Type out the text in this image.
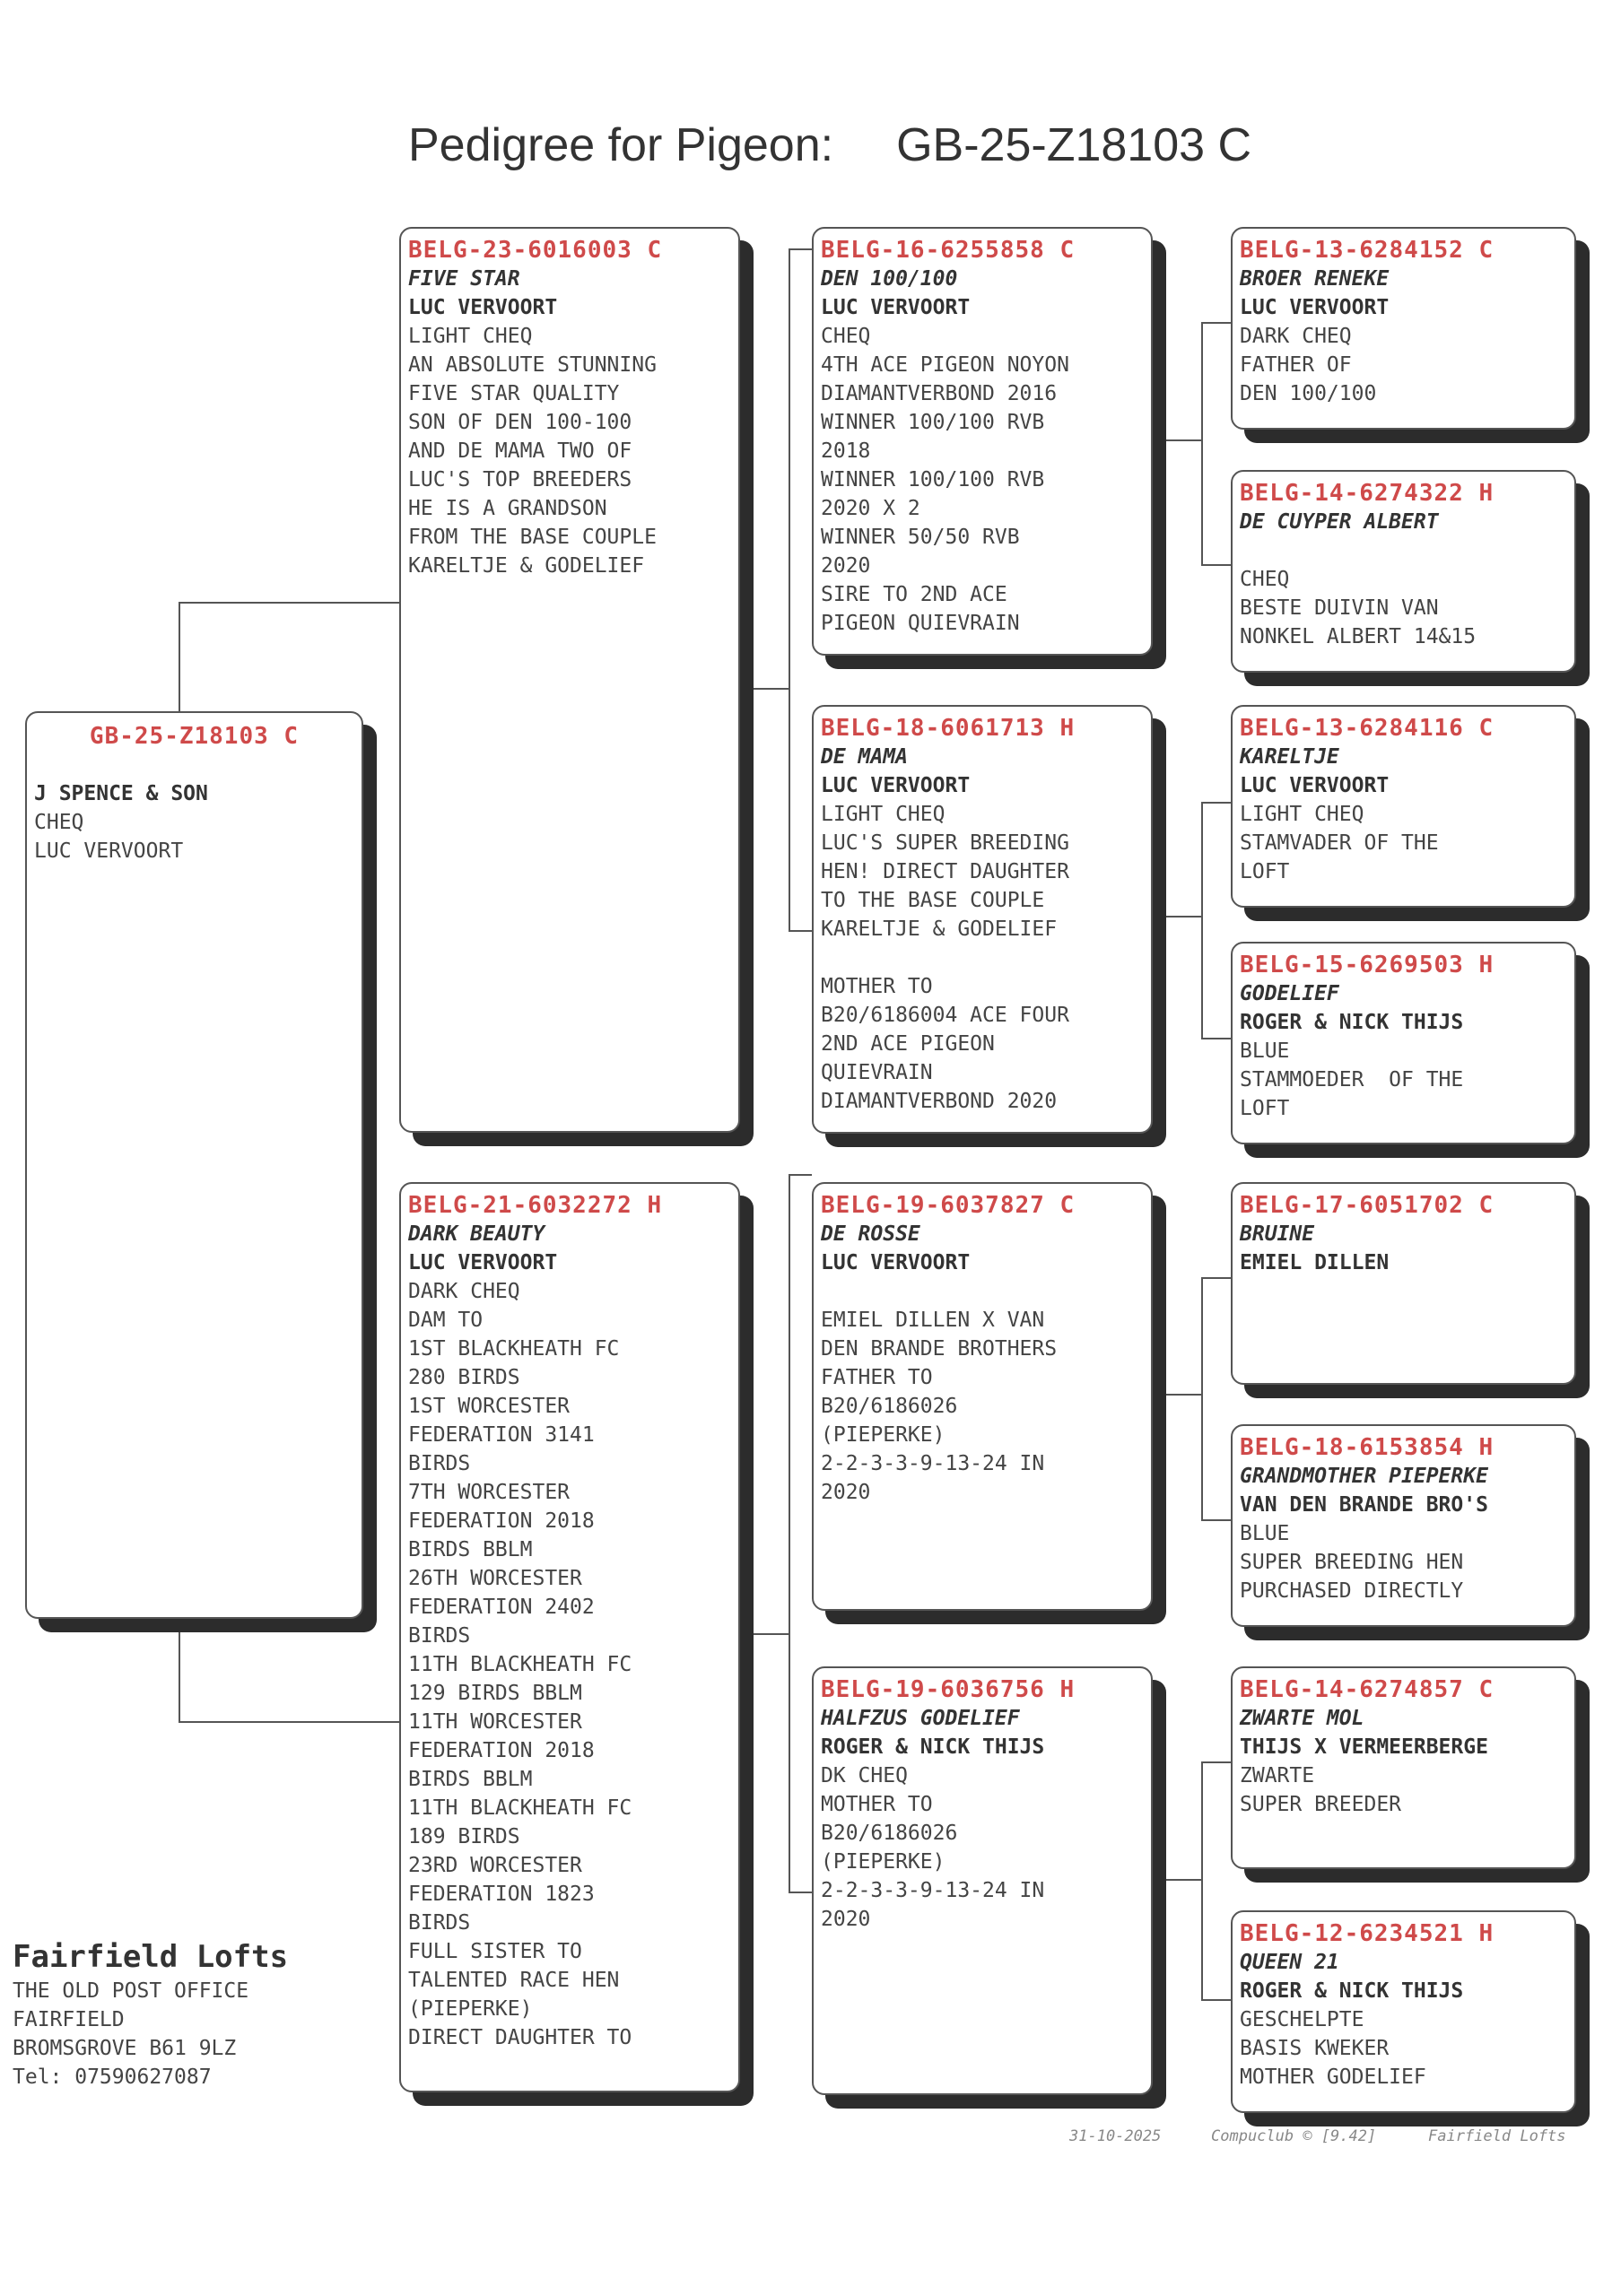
Pedigree for Pigeon: GB-25-Z18103 C
GB-25-Z18103 C
J SPENCE & SON
CHEQ
LUC VERVOORT
BELG-23-6016003 C
FIVE STAR
LUC VERVOORT
LIGHT CHEQ
AN ABSOLUTE STUNNING
FIVE STAR QUALITY
SON OF DEN 100-100
AND DE MAMA TWO OF
LUC'S TOP BREEDERS
HE IS A GRANDSON
FROM THE BASE COUPLE
KARELTJE & GODELIEF
BELG-21-6032272 H
DARK BEAUTY
LUC VERVOORT
DARK CHEQ
DAM TO
1ST BLACKHEATH FC
280 BIRDS
1ST WORCESTER
FEDERATION 3141
BIRDS
7TH WORCESTER
FEDERATION 2018
BIRDS BBLM
26TH WORCESTER
FEDERATION 2402
BIRDS
11TH BLACKHEATH FC
129 BIRDS BBLM
11TH WORCESTER
FEDERATION 2018
BIRDS BBLM
11TH BLACKHEATH FC
189 BIRDS
23RD WORCESTER
FEDERATION 1823
BIRDS
FULL SISTER TO
TALENTED RACE HEN
(PIEPERKE)
DIRECT DAUGHTER TO
BELG-16-6255858 C
DEN 100/100
LUC VERVOORT
CHEQ
4TH ACE PIGEON NOYON
DIAMANTVERBOND 2016
WINNER 100/100 RVB
2018
WINNER 100/100 RVB
2020 X 2
WINNER 50/50 RVB
2020
SIRE TO 2ND ACE
PIGEON QUIEVRAIN
BELG-18-6061713 H
DE MAMA
LUC VERVOORT
LIGHT CHEQ
LUC'S SUPER BREEDING
HEN! DIRECT DAUGHTER
TO THE BASE COUPLE
KARELTJE & GODELIEF
MOTHER TO
B20/6186004 ACE FOUR
2ND ACE PIGEON
QUIEVRAIN
DIAMANTVERBOND 2020
BELG-19-6037827 C
DE ROSSE
LUC VERVOORT
EMIEL DILLEN X VAN
DEN BRANDE BROTHERS
FATHER TO
B20/6186026
(PIEPERKE)
2-2-3-3-9-13-24 IN
2020
BELG-19-6036756 H
HALFZUS GODELIEF
ROGER & NICK THIJS
DK CHEQ
MOTHER TO
B20/6186026
(PIEPERKE)
2-2-3-3-9-13-24 IN
2020
BELG-13-6284152 C
BROER RENEKE
LUC VERVOORT
DARK CHEQ
FATHER OF
DEN 100/100
BELG-14-6274322 H
DE CUYPER ALBERT
CHEQ
BESTE DUIVIN VAN
NONKEL ALBERT 14&15
BELG-13-6284116 C
KARELTJE
LUC VERVOORT
LIGHT CHEQ
STAMVADER OF THE
LOFT
BELG-15-6269503 H
GODELIEF
ROGER & NICK THIJS
BLUE
STAMMOEDER  OF THE
LOFT
BELG-17-6051702 C
BRUINE
EMIEL DILLEN
BELG-18-6153854 H
GRANDMOTHER PIEPERKE
VAN DEN BRANDE BRO'S
BLUE
SUPER BREEDING HEN
PURCHASED DIRECTLY
BELG-14-6274857 C
ZWARTE MOL
THIJS X VERMEERBERGE
ZWARTE
SUPER BREEDER
BELG-12-6234521 H
QUEEN 21
ROGER & NICK THIJS
GESCHELPTE
BASIS KWEKER
MOTHER GODELIEF
Fairfield Lofts
THE OLD POST OFFICE
FAIRFIELD
BROMSGROVE B61 9LZ
Tel: 07590627087
31-10-2025	Compuclub © [9.42]	Fairfield Lofts
